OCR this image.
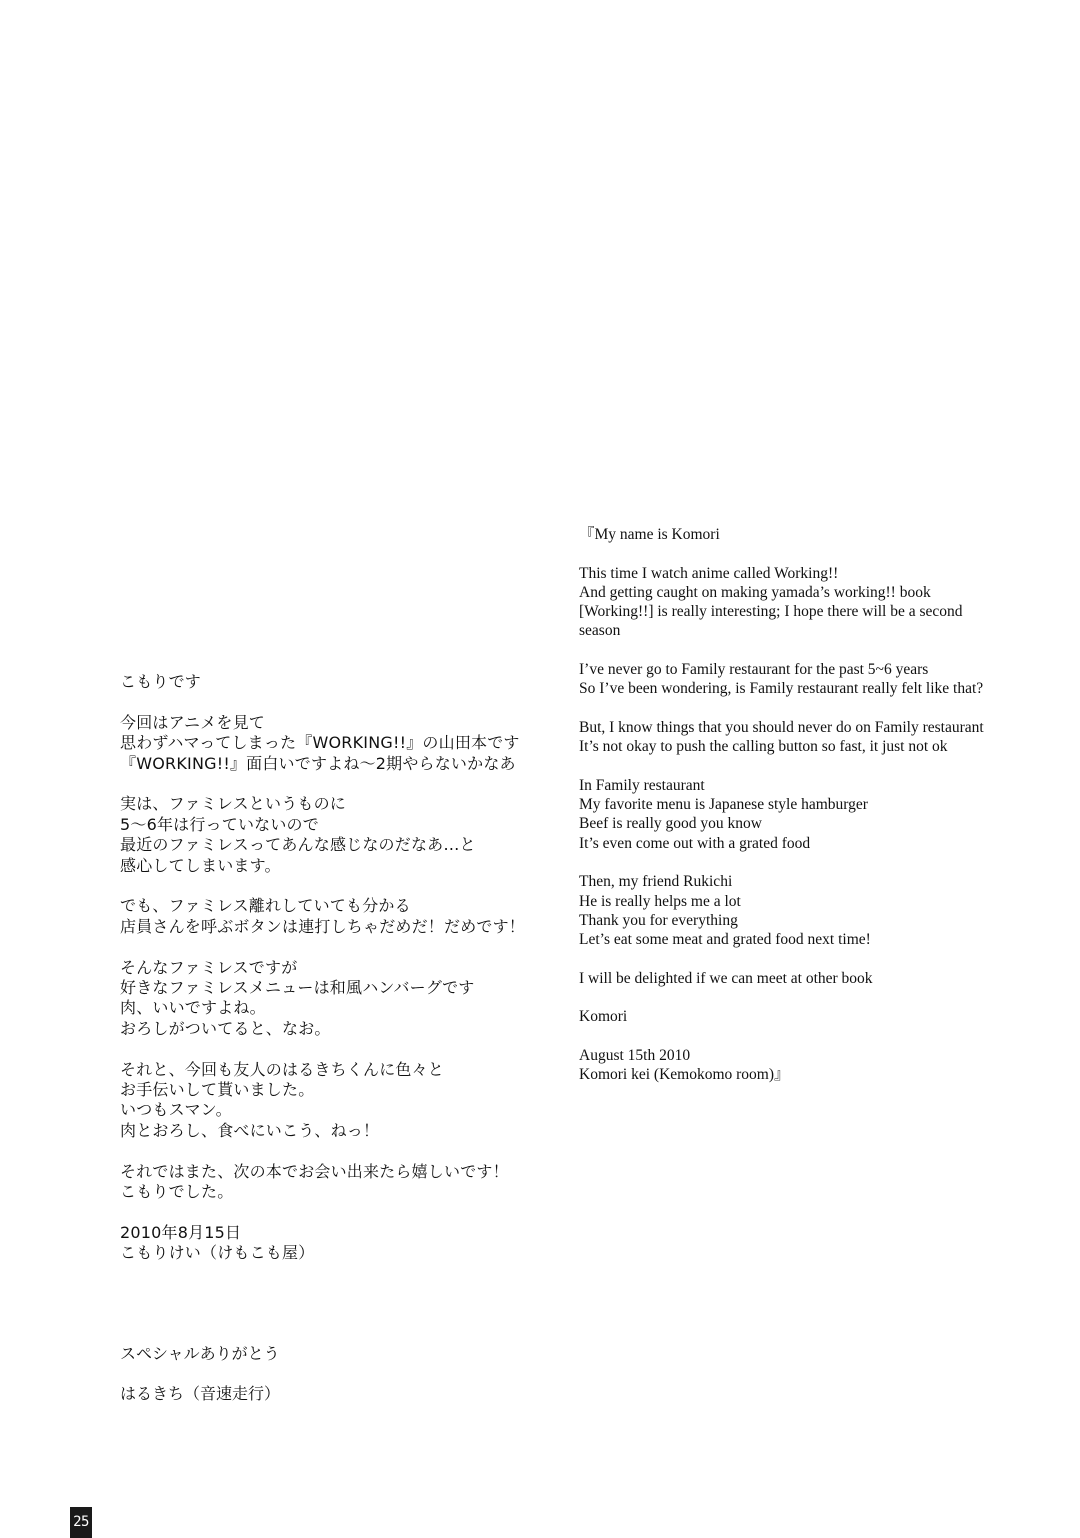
こもりです
今回はアニメを見て
思わずハマってしまった『WORKING!!』の山田本です
『WORKING!!』面白いですよね～2期やらないかなあ
実は、ファミレスというものに
5～6年は行っていないので
最近のファミレスってあんな感じなのだなあ…と
感心してしまいます。
でも、ファミレス離れしていても分かる
店員さんを呼ぶボタンは連打しちゃだめだ！だめです！
そんなファミレスですが
好きなファミレスメニューは和風ハンバーグです
肉、いいですよね。
おろしがついてると、なお。
それと、今回も友人のはるきちくんに色々と
お手伝いして貰いました。
いつもスマン。
肉とおろし、食べにいこう、ねっ！
それではまた、次の本でお会い出来たら嬉しいです！
こもりでした。
2010年8月15日
こもりけい（けもこも屋）
スペシャルありがとう
はるきち（音速走行）
『My name is Komori
This time I watch anime called Working!!
And getting caught on making yamada’s working!! book
[Working!!] is really interesting; I hope there will be a second
season
I’ve never go to Family restaurant for the past 5~6 years
So I’ve been wondering, is Family restaurant really felt like that?
But, I know things that you should never do on Family restaurant
It’s not okay to push the calling button so fast, it just not ok
In Family restaurant
My favorite menu is Japanese style hamburger
Beef is really good you know
It’s even come out with a grated food
Then, my friend Rukichi
He is really helps me a lot
Thank you for everything
Let’s eat some meat and grated food next time!
I will be delighted if we can meet at other book
Komori
August 15th 2010
Komori kei (Kemokomo room)』
25
